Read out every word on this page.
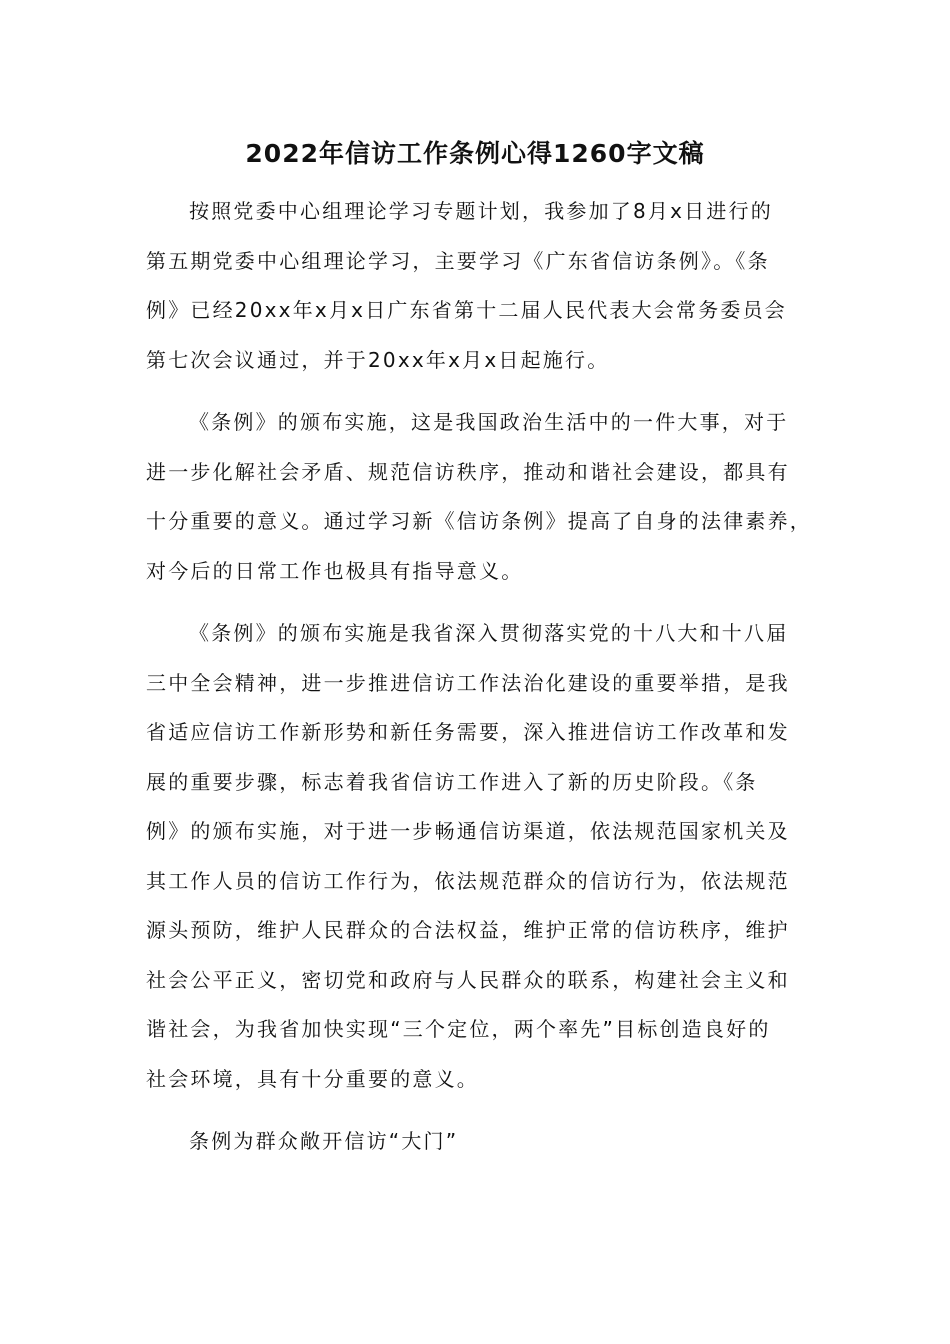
2022年信访工作条例心得1260字文稿

按照党委中心组理论学习专题计划，我参加了8月x日进行的
第五期党委中心组理论学习，主要学习《广东省信访条例》。《条
例》已经20xx年x月x日广东省第十二届人民代表大会常务委员会
第七次会议通过，并于20xx年x月x日起施行。

《条例》的颁布实施，这是我国政治生活中的一件大事，对于
进一步化解社会矛盾、规范信访秩序，推动和谐社会建设，都具有
十分重要的意义。通过学习新《信访条例》提高了自身的法律素养，
对今后的日常工作也极具有指导意义。

《条例》的颁布实施是我省深入贯彻落实党的十八大和十八届
三中全会精神，进一步推进信访工作法治化建设的重要举措，是我
省适应信访工作新形势和新任务需要，深入推进信访工作改革和发
展的重要步骤，标志着我省信访工作进入了新的历史阶段。《条
例》的颁布实施，对于进一步畅通信访渠道，依法规范国家机关及
其工作人员的信访工作行为，依法规范群众的信访行为，依法规范
源头预防，维护人民群众的合法权益，维护正常的信访秩序，维护
社会公平正义，密切党和政府与人民群众的联系，构建社会主义和
谐社会，为我省加快实现“三个定位，两个率先”目标创造良好的
社会环境，具有十分重要的意义。

条例为群众敞开信访“大门”
